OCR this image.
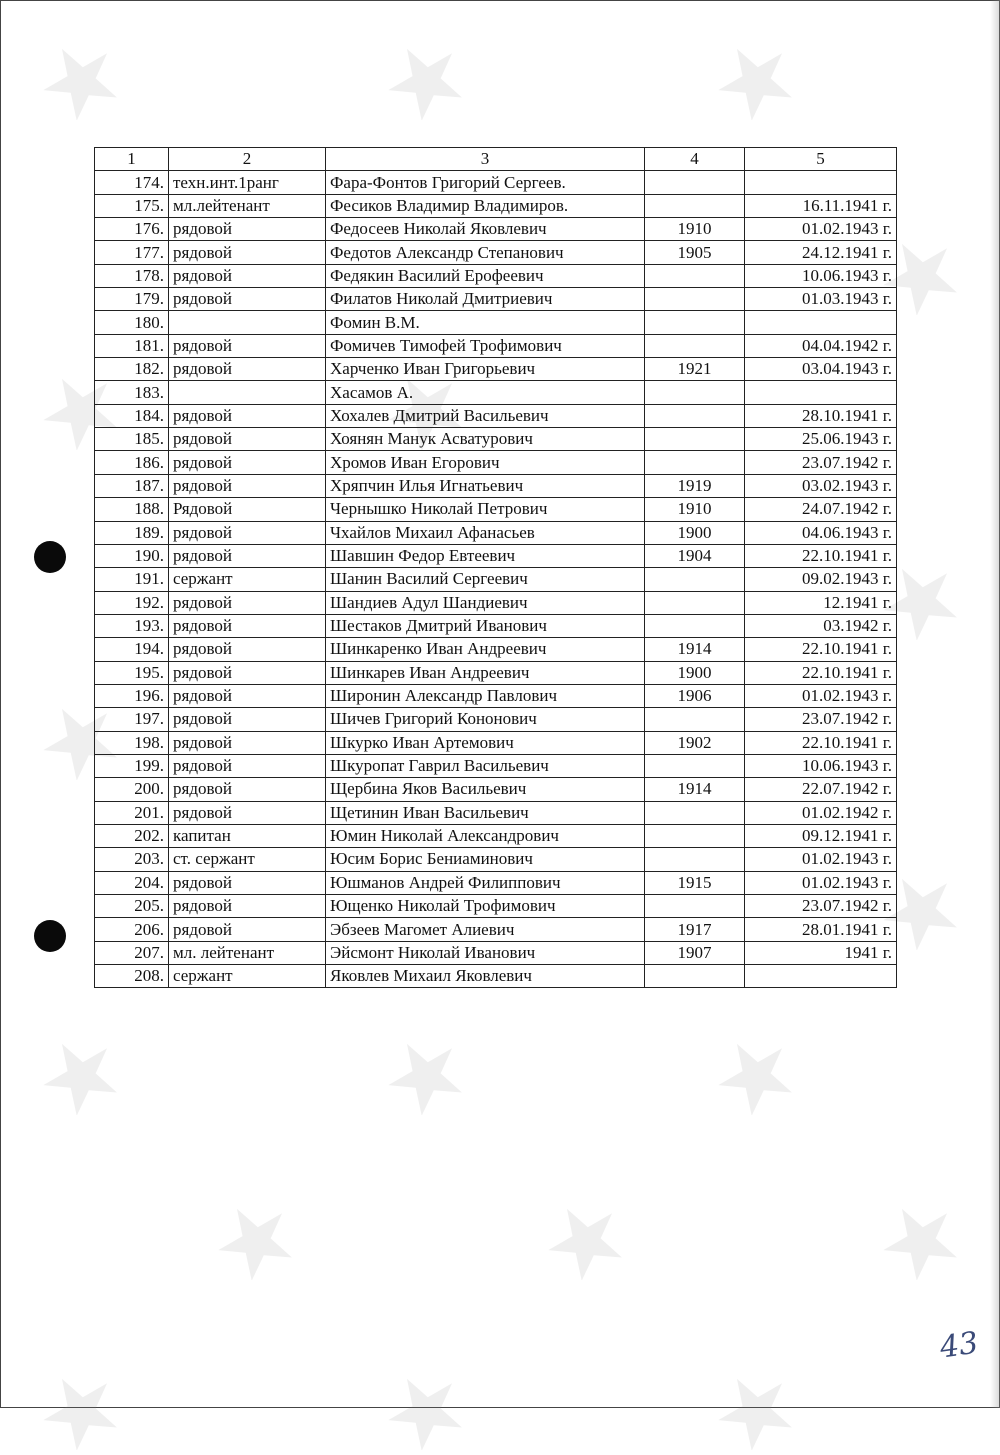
1	2	3	4	5
174.	техн.инт.1ранг	Фара-Фонтов Григорий Сергеев.		
175.	мл.лейтенант	Фесиков Владимир Владимиров.		16.11.1941 г.
176.	рядовой	Федосеев Николай Яковлевич	1910	01.02.1943 г.
177.	рядовой	Федотов Александр Степанович	1905	24.12.1941 г.
178.	рядовой	Федякин Василий Ерофеевич		10.06.1943 г.
179.	рядовой	Филатов Николай Дмитриевич		01.03.1943 г.
180.		Фомин В.М.		
181.	рядовой	Фомичев Тимофей Трофимович		04.04.1942 г.
182.	рядовой	Харченко Иван Григорьевич	1921	03.04.1943 г.
183.		Хасамов А.		
184.	рядовой	Хохалев Дмитрий Васильевич		28.10.1941 г.
185.	рядовой	Хоянян Манук Асватурович		25.06.1943 г.
186.	рядовой	Хромов Иван Егорович		23.07.1942 г.
187.	рядовой	Хряпчин Илья Игнатьевич	1919	03.02.1943 г.
188.	Рядовой	Чернышко Николай Петрович	1910	24.07.1942 г.
189.	рядовой	Чхайлов Михаил Афанасьев	1900	04.06.1943 г.
190.	рядовой	Шавшин Федор Евтеевич	1904	22.10.1941 г.
191.	сержант	Шанин Василий Сергеевич		09.02.1943 г.
192.	рядовой	Шандиев Адул Шандиевич		12.1941 г.
193.	рядовой	Шестаков Дмитрий Иванович		03.1942 г.
194.	рядовой	Шинкаренко Иван Андреевич	1914	22.10.1941 г.
195.	рядовой	Шинкарев Иван Андреевич	1900	22.10.1941 г.
196.	рядовой	Широнин Александр Павлович	1906	01.02.1943 г.
197.	рядовой	Шичев Григорий Кононович		23.07.1942 г.
198.	рядовой	Шкурко Иван Артемович	1902	22.10.1941 г.
199.	рядовой	Шкуропат Гаврил Васильевич		10.06.1943 г.
200.	рядовой	Щербина Яков Васильевич	1914	22.07.1942 г.
201.	рядовой	Щетинин Иван Васильевич		01.02.1942 г.
202.	капитан	Юмин Николай Александрович		09.12.1941 г.
203.	ст. сержант	Юсим Борис Бениаминович		01.02.1943 г.
204.	рядовой	Юшманов Андрей Филиппович	1915	01.02.1943 г.
205.	рядовой	Ющенко Николай Трофимович		23.07.1942 г.
206.	рядовой	Эбзеев Магомет Алиевич	1917	28.01.1941 г.
207.	мл. лейтенант	Эйсмонт Николай Иванович	1907	1941 г.
208.	сержант	Яковлев Михаил Яковлевич		
43
